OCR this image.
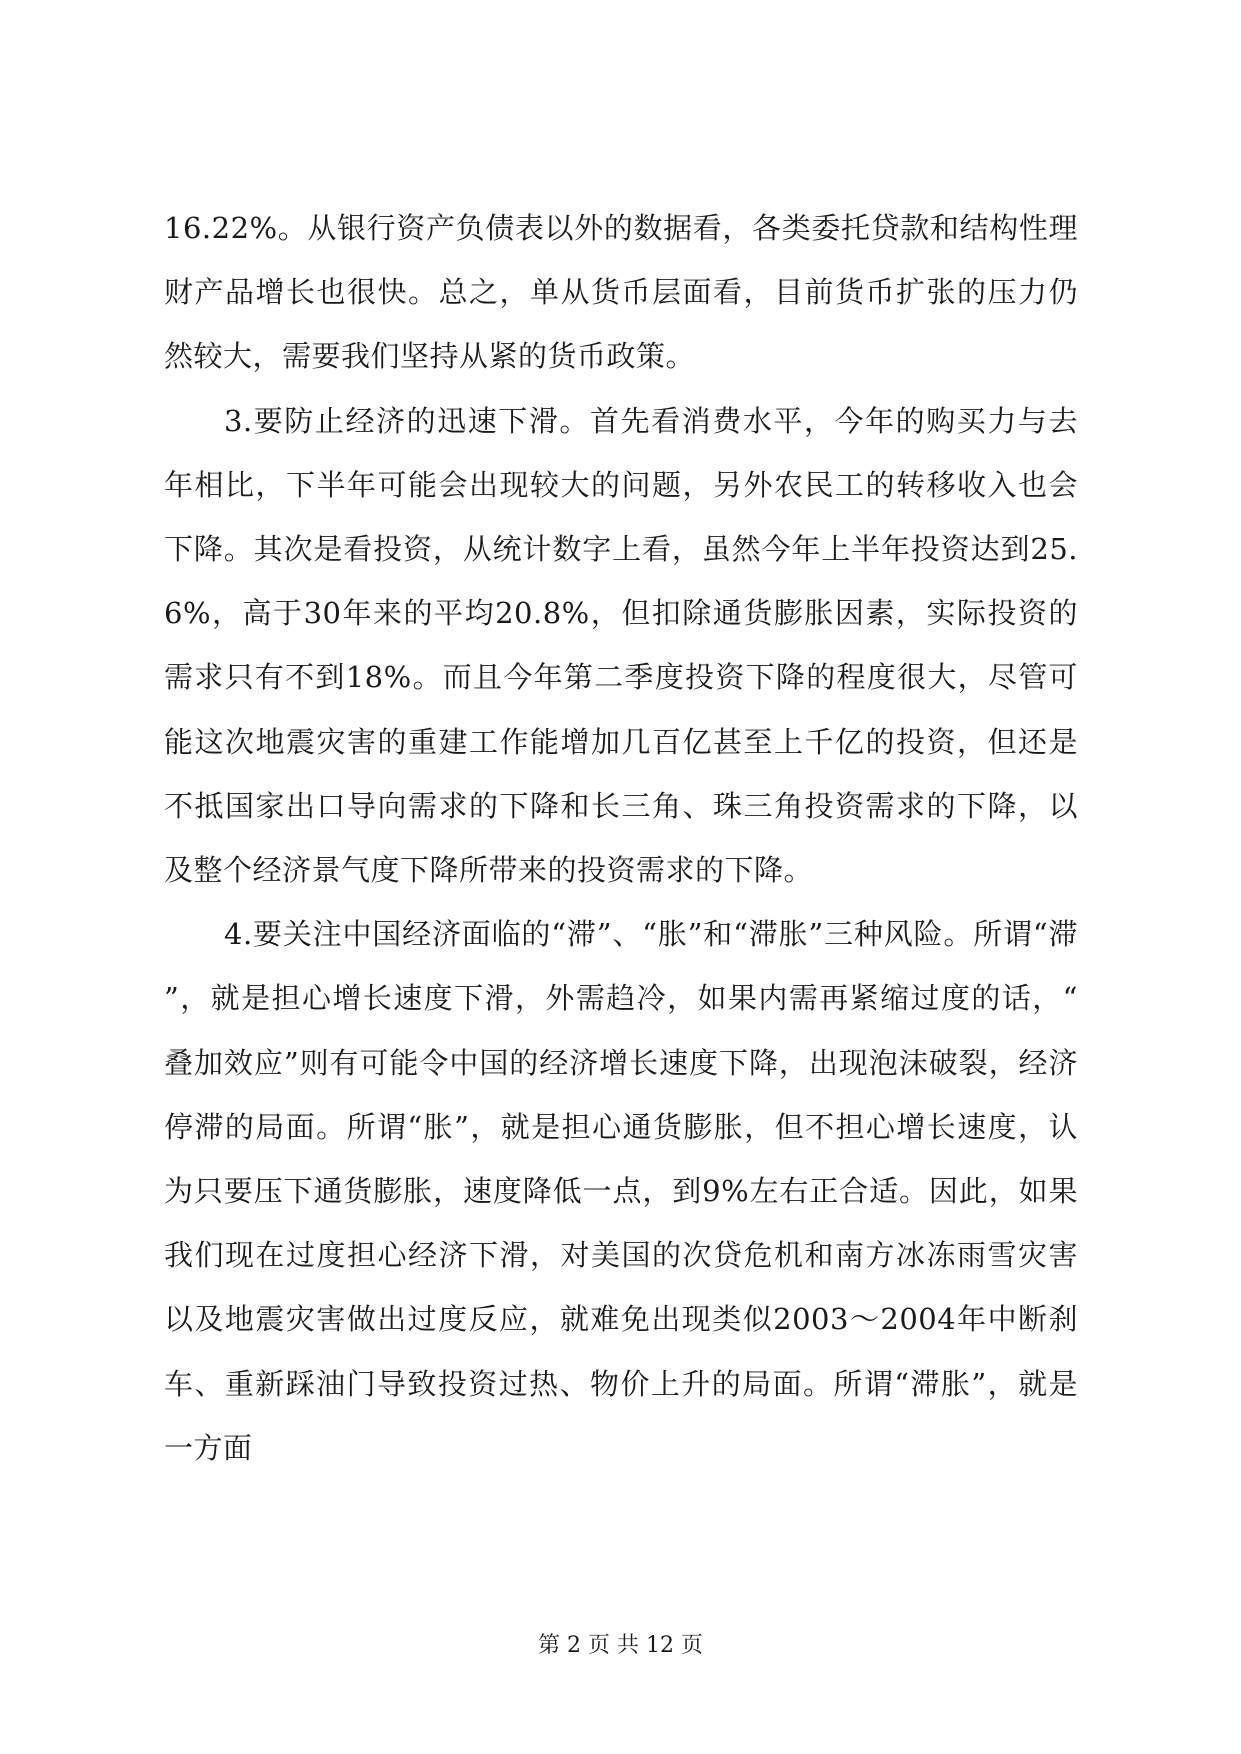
16.22%。从银行资产负债表以外的数据看，各类委托贷款和结构性理财产品增长也很快。总之，单从货币层面看，目前货币扩张的压力仍然较大，需要我们坚持从紧的货币政策。

3.要防止经济的迅速下滑。首先看消费水平，今年的购买力与去年相比，下半年可能会出现较大的问题，另外农民工的转移收入也会下降。其次是看投资，从统计数字上看，虽然今年上半年投资达到25.6%，高于30年来的平均20.8%，但扣除通货膨胀因素，实际投资的需求只有不到18%。而且今年第二季度投资下降的程度很大，尽管可能这次地震灾害的重建工作能增加几百亿甚至上千亿的投资，但还是不抵国家出口导向需求的下降和长三角、珠三角投资需求的下降，以及整个经济景气度下降所带来的投资需求的下降。

4.要关注中国经济面临的“滞”、“胀”和“滞胀”三种风险。所谓“滞”，就是担心增长速度下滑，外需趋冷，如果内需再紧缩过度的话，“叠加效应”则有可能令中国的经济增长速度下降，出现泡沫破裂，经济停滞的局面。所谓“胀”，就是担心通货膨胀，但不担心增长速度，认为只要压下通货膨胀，速度降低一点，到9%左右正合适。因此，如果我们现在过度担心经济下滑，对美国的次贷危机和南方冰冻雨雪灾害以及地震灾害做出过度反应，就难免出现类似2003～2004年中断刹车、重新踩油门导致投资过热、物价上升的局面。所谓“滞胀”，就是一方面

第 2 页 共 12 页
